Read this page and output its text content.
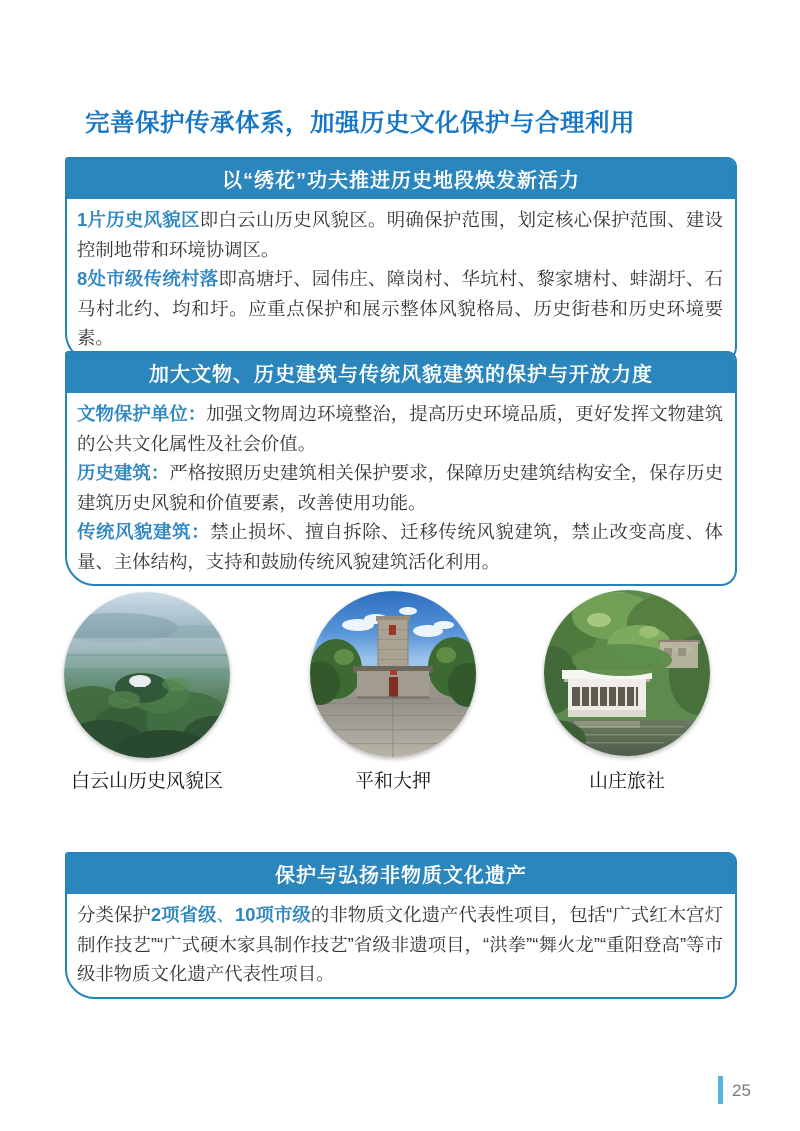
完善保护传承体系，加强历史文化保护与合理利用
以“绣花”功夫推进历史地段焕发新活力

1片历史风貌区即白云山历史风貌区。明确保护范围，划定核心保护范围、建设控制地带和环境协调区。

8处市级传统村落即高塘圩、园伟庄、障岗村、华坑村、黎家塘村、蚌湖圩、石马村北约、均和圩。应重点保护和展示整体风貌格局、历史街巷和历史环境要素。

加大文物、历史建筑与传统风貌建筑的保护与开放力度

文物保护单位：加强文物周边环境整治，提高历史环境品质，更好发挥文物建筑的公共文化属性及社会价值。

历史建筑：严格按照历史建筑相关保护要求，保障历史建筑结构安全，保存历史建筑历史风貌和价值要素，改善使用功能。

传统风貌建筑：禁止损坏、擅自拆除、迁移传统风貌建筑，禁止改变高度、体量、主体结构，支持和鼓励传统风貌建筑活化利用。

白云山历史风貌区	平和大押	山庄旅社
保护与弘扬非物质文化遗产

分类保护2项省级、10项市级的非物质文化遗产代表性项目，包括“广式红木宫灯制作技艺”“广式硬木家具制作技艺”省级非遗项目，“洪拳”“舞火龙”“重阳登高”等市级非物质文化遗产代表性项目。

25
